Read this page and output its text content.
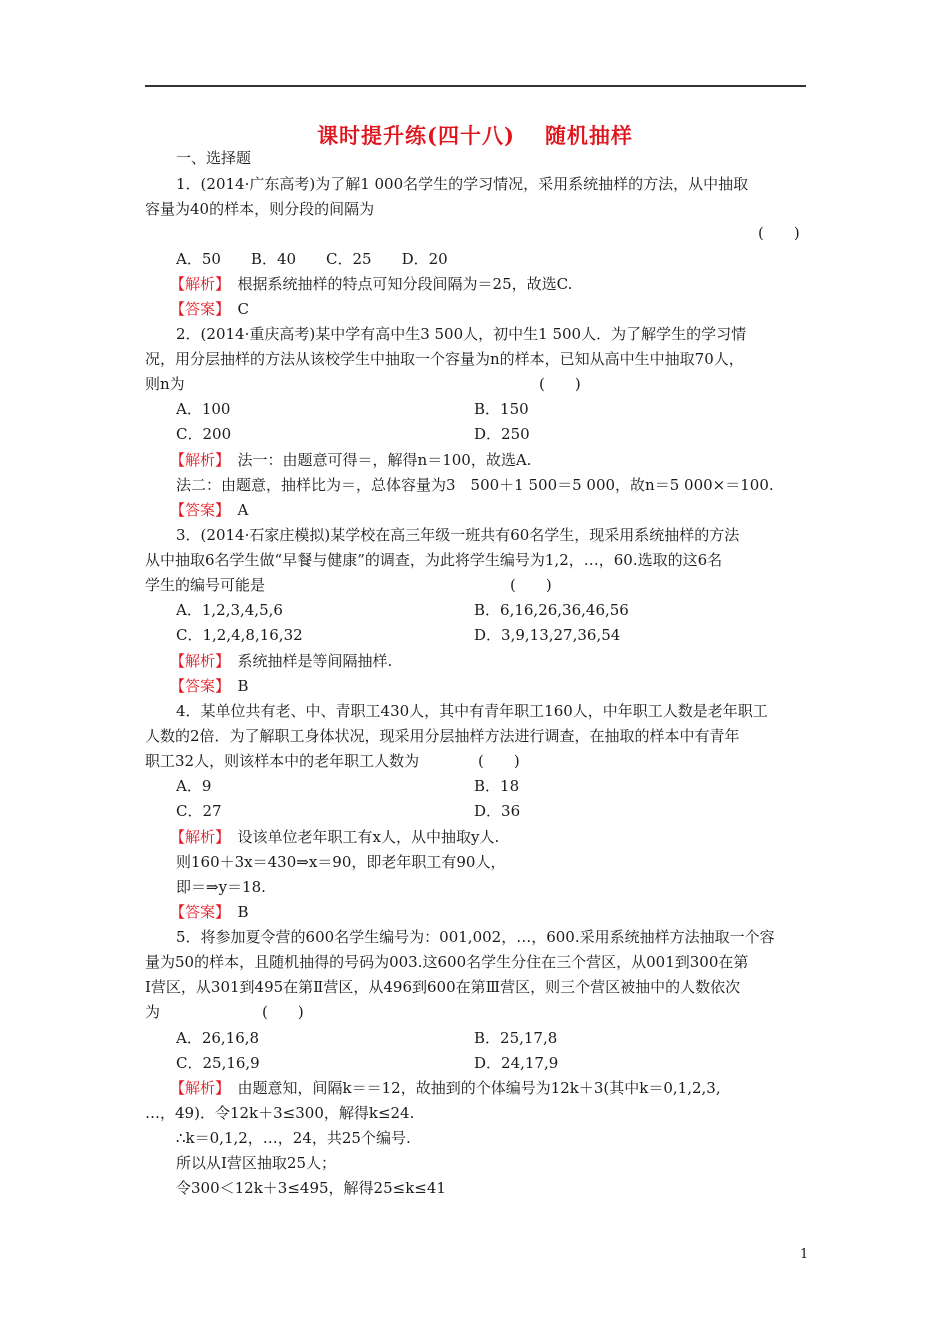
课时提升练(四十八) 随机抽样
一、选择题
1．(2014·广东高考)为了解1 000名学生的学习情况，采用系统抽样的方法，从中抽取
容量为40的样本，则分段的间隔为
(　　)
A．50　　B．40　　C．25　　D．20
【解析】　 根据系统抽样的特点可知分段间隔为＝25，故选C.
【答案】　 C
2．(2014·重庆高考)某中学有高中生3 500人，初中生1 500人．为了解学生的学习情
况，用分层抽样的方法从该校学生中抽取一个容量为n的样本，已知从高中生中抽取70人，
则n为	(　　)
A．100	B．150
C．200	D．250
【解析】　 法一：由题意可得＝，解得n＝100，故选A.
法二：由题意，抽样比为＝，总体容量为3　500＋1 500＝5 000，故n＝5 000×＝100.
【答案】　 A
3．(2014·石家庄模拟)某学校在高三年级一班共有60名学生，现采用系统抽样的方法
从中抽取6名学生做“早餐与健康”的调查，为此将学生编号为1,2，…，60.选取的这6名
学生的编号可能是	(　　)
A．1,2,3,4,5,6	B．6,16,26,36,46,56
C．1,2,4,8,16,32	D．3,9,13,27,36,54
【解析】　 系统抽样是等间隔抽样.
【答案】　 B
4．某单位共有老、中、青职工430人，其中有青年职工160人，中年职工人数是老年职工
人数的2倍．为了解职工身体状况，现采用分层抽样方法进行调查，在抽取的样本中有青年
职工32人，则该样本中的老年职工人数为	(　　)
A．9	B．18
C．27	D．36
【解析】　 设该单位老年职工有x人，从中抽取y人.
则160＋3x＝430⇒x＝90，即老年职工有90人，
即＝⇒y＝18.
【答案】　 B
5．将参加夏令营的600名学生编号为：001,002，…，600.采用系统抽样方法抽取一个容
量为50的样本，且随机抽得的号码为003.这600名学生分住在三个营区，从001到300在第
Ⅰ营区，从301到495在第Ⅱ营区，从496到600在第Ⅲ营区，则三个营区被抽中的人数依次
为	(　　)
A．26,16,8	B．25,17,8
C．25,16,9	D．24,17,9
【解析】　 由题意知，间隔k＝＝12，故抽到的个体编号为12k＋3(其中k＝0,1,2,3,
…，49)．令12k＋3≤300，解得k≤24.
∴k＝0,1,2，…，24，共25个编号.
所以从Ⅰ营区抽取25人；
令300＜12k＋3≤495，解得25≤k≤41
1
